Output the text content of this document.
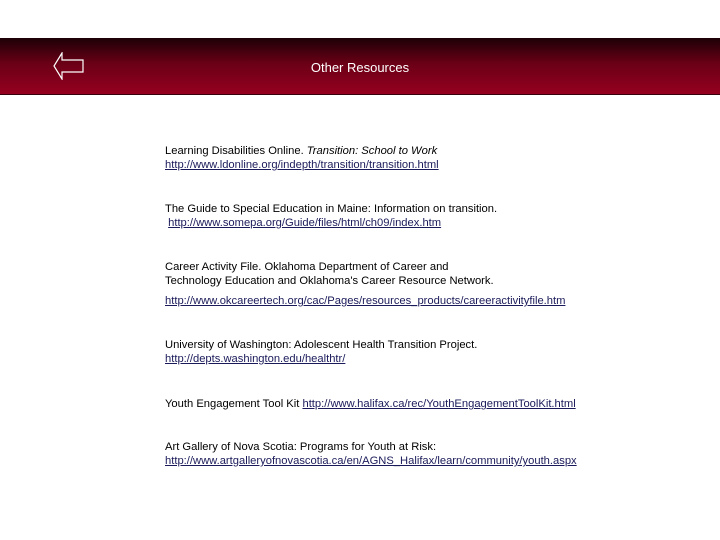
Other Resources
Learning Disabilities Online. Transition: School to Work
http://www.ldonline.org/indepth/transition/transition.html
The Guide to Special Education in Maine: Information on transition.
http://www.somepa.org/Guide/files/html/ch09/index.htm
Career Activity File. Oklahoma Department of Career and
Technology Education and Oklahoma's Career Resource Network.
http://www.okcareertech.org/cac/Pages/resources_products/careeractivityfile.htm
University of Washington: Adolescent Health Transition Project.
http://depts.washington.edu/healthtr/
Youth Engagement Tool Kit http://www.halifax.ca/rec/YouthEngagementToolKit.html
Art Gallery of Nova Scotia: Programs for Youth at Risk:
http://www.artgalleryofnovascotia.ca/en/AGNS_Halifax/learn/community/youth.aspx
